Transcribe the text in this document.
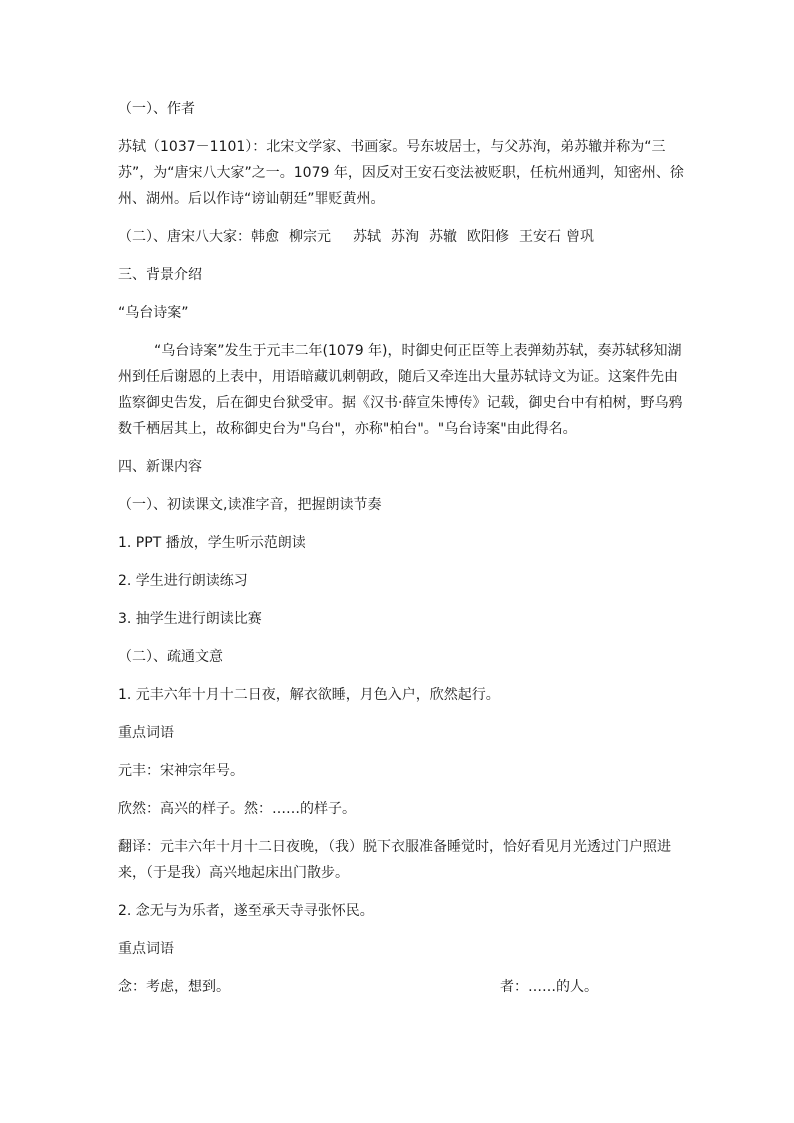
（一）、作者

苏轼（1037－1101）：北宋文学家、书画家。号东坡居士，与父苏洵，弟苏辙并称为“三苏”，为“唐宋八大家”之一。1079 年，因反对王安石变法被贬职，任杭州通判，知密州、徐州、湖州。后以作诗“谤讪朝廷”罪贬黄州。

（二）、唐宋八大家：韩愈 柳宗元 苏轼 苏洵 苏辙 欧阳修 王安石 曾巩

三、背景介绍

“乌台诗案”

“乌台诗案”发生于元丰二年(1079 年)，时御史何正臣等上表弹劾苏轼，奏苏轼移知湖州到任后谢恩的上表中，用语暗藏讥刺朝政，随后又牵连出大量苏轼诗文为证。这案件先由监察御史告发，后在御史台狱受审。据《汉书·薛宣朱博传》记载，御史台中有柏树，野乌鸦数千栖居其上，故称御史台为"乌台"，亦称"柏台"。"乌台诗案"由此得名。

四、新课内容

（一）、初读课文,读准字音，把握朗读节奏

1. PPT 播放，学生听示范朗读

2. 学生进行朗读练习

3. 抽学生进行朗读比赛

（二）、疏通文意

1. 元丰六年十月十二日夜，解衣欲睡，月色入户，欣然起行。

重点词语

元丰：宋神宗年号。

欣然：高兴的样子。然：……的样子。

翻译：元丰六年十月十二日夜晚，（我）脱下衣服准备睡觉时，恰好看见月光透过门户照进来，（于是我）高兴地起床出门散步。

2. 念无与为乐者，遂至承天寺寻张怀民。

重点词语

念：考虑，想到。	者：……的人。
